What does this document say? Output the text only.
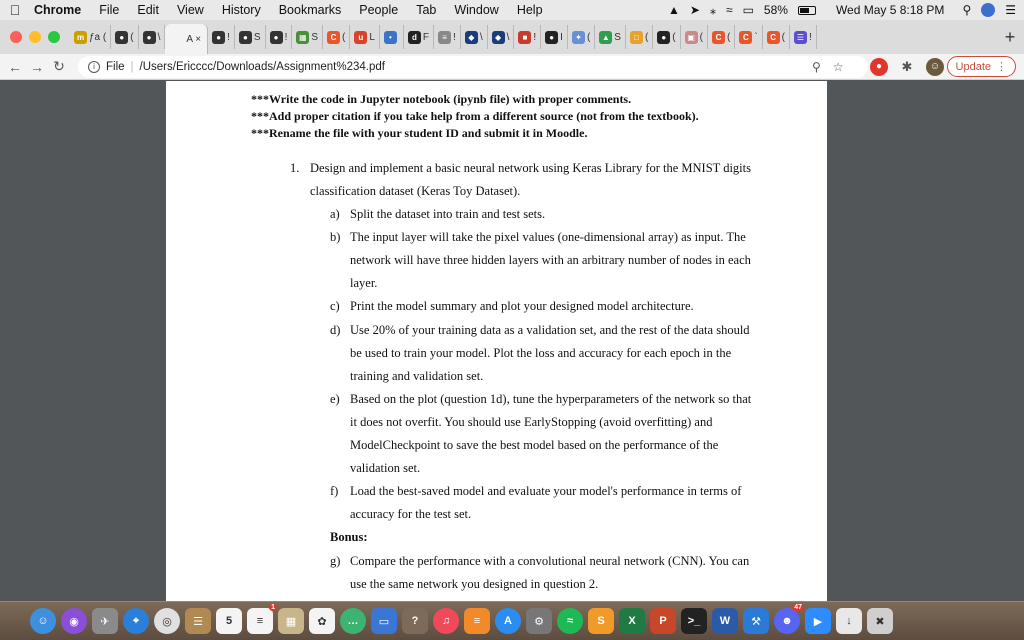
Chrome	File	Edit	View	History	Bookmarks	People	Tab	Window	Help	▲ ➤ ⁎ ≈ ▭ 58%	Wed May 5 8:18 PM ⚲	☰
m ƒa (	● (	● \	A ×	● !	● S	● !	▦ S	C (	u L	•	d F	≡ !	◆ \	◆ \	■ !	● I	✦ (	▲ S	□ (	● (	▣ (	C (	C `	C (	☰ !	+
← → ↻	i File | /Users/Ericccc/Downloads/Assignment%234.pdf	⚲ ☆	●	✱	☺	Update ⋮
***Write the code in Jupyter notebook (ipynb file) with proper comments.
***Add proper citation if you take help from a different source (not from the textbook).
***Rename the file with your student ID and submit it in Moodle.
1. Design and implement a basic neural network using Keras Library for the MNIST digits
classification dataset (Keras Toy Dataset).
a) Split the dataset into train and test sets.
b) The input layer will take the pixel values (one-dimensional array) as input. The
network will have three hidden layers with an arbitrary number of nodes in each
layer.
c) Print the model summary and plot your designed model architecture.
d) Use 20% of your training data as a validation set, and the rest of the data should
be used to train your model. Plot the loss and accuracy for each epoch in the
training and validation set.
e) Based on the plot (question 1d), tune the hyperparameters of the network so that
it does not overfit. You should use EarlyStopping (avoid overfitting) and
ModelCheckpoint to save the best model based on the performance of the
validation set.
f) Load the best-saved model and evaluate your model's performance in terms of
accuracy for the test set.
Bonus:
g) Compare the performance with a convolutional neural network (CNN). You can
use the same network you designed in question 2.
☺ ◉ ✈ ⌖ ◎ ☰ 5 ≡
1
▦ ✿ … ▭ ? ♫ ≡ A ⚙ ≈ S X P >_ W ⚒ ☻
47
▶ ↓ ✖
